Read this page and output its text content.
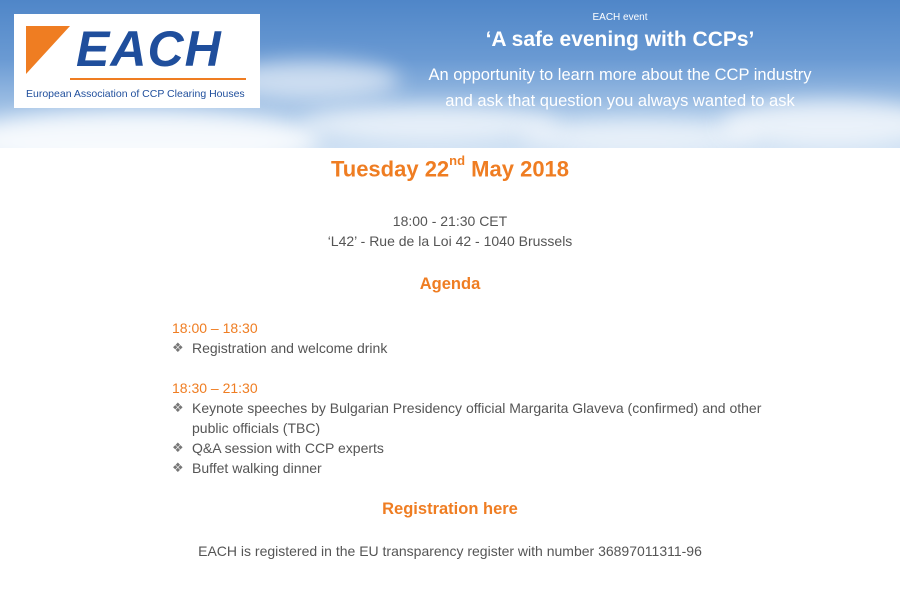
EACH
European Association of CCP Clearing Houses
EACH event
‘A safe evening with CCPs’
An opportunity to learn more about the CCP industry
and ask that question you always wanted to ask
Tuesday 22nd May 2018
18:00 - 21:30 CET
‘L42’ - Rue de la Loi 42 - 1040 Brussels
Agenda
18:00 – 18:30
❖ Registration and welcome drink
18:30 – 21:30
❖ Keynote speeches by Bulgarian Presidency official Margarita Glaveva (confirmed) and other public officials (TBC)
❖ Q&A session with CCP experts
❖ Buffet walking dinner
Registration here
EACH is registered in the EU transparency register with number 36897011311-96
